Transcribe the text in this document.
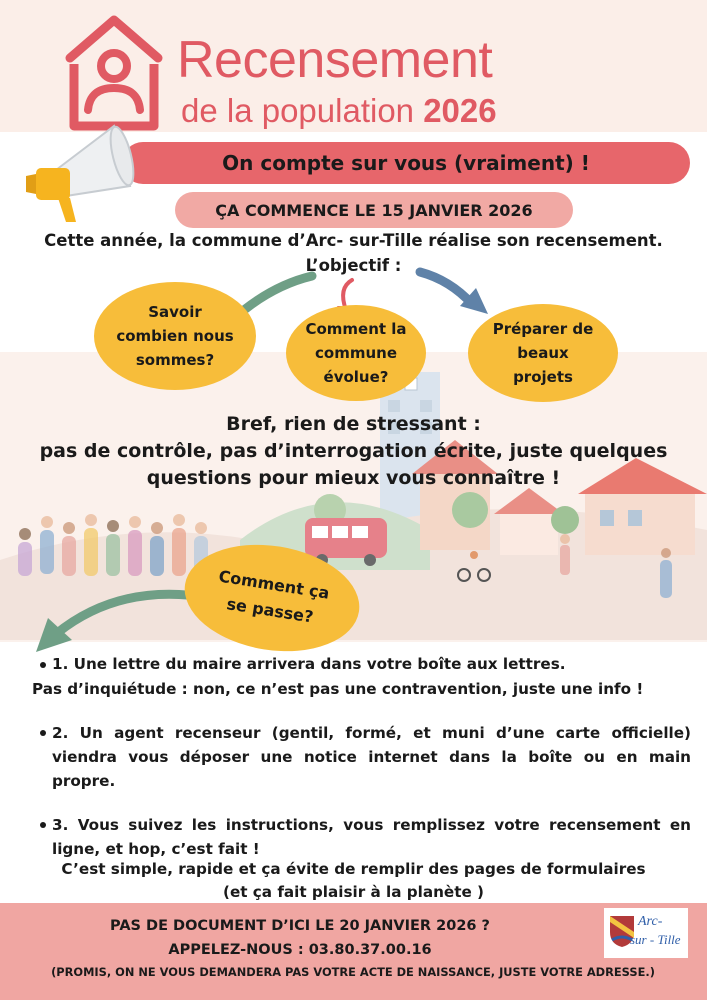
Recensement
de la population 2026
On compte sur vous (vraiment) !
ÇA COMMENCE LE 15 JANVIER 2026
Cette année, la commune d’Arc- sur-Tille réalise son recensement.
L’objectif :
Savoir
combien nous
sommes?
Comment la
commune
évolue?
Préparer de
beaux
projets
Bref, rien de stressant :
pas de contrôle, pas d’interrogation écrite, juste quelques
questions pour mieux vous connaître !
Comment ça
se passe?
1. Une lettre du maire arrivera dans votre boîte aux lettres.
Pas d’inquiétude : non, ce n’est pas une contravention, juste une info !
2. Un agent recenseur (gentil, formé, et muni d’une carte officielle) viendra vous déposer une notice internet dans la boîte ou en main propre.
3. Vous suivez les instructions, vous remplissez votre recensement en ligne, et hop, c’est fait !
C’est simple, rapide et ça évite de remplir des pages de formulaires
(et ça fait plaisir à la planète )
PAS DE DOCUMENT D’ICI LE 20 JANVIER 2026 ?
APPELEZ-NOUS : 03.80.37.00.16
(PROMIS, ON NE VOUS DEMANDERA PAS VOTRE ACTE DE NAISSANCE, JUSTE VOTRE ADRESSE.)
Arc-
sur - Tille
